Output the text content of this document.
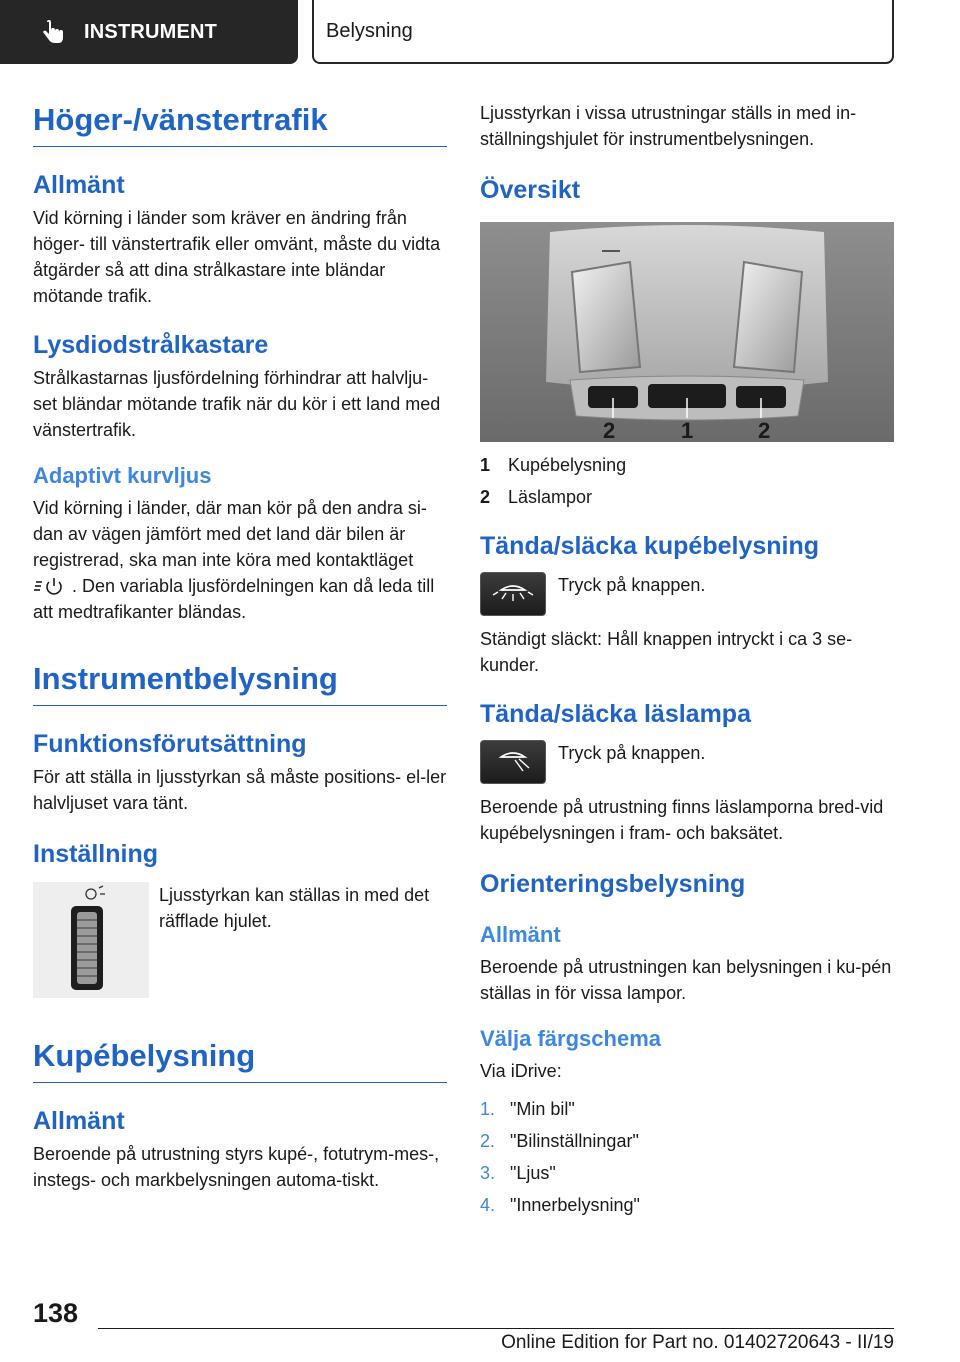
INSTRUMENT	Belysning
Höger-/vänstertrafik
Allmänt

Vid körning i länder som kräver en ändring från höger- till vänstertrafik eller omvänt, måste du vidta åtgärder så att dina strålkastare inte bländar mötande trafik.

Lysdiodstrålkastare

Strålkastarnas ljusfördelning förhindrar att halvlju-set bländar mötande trafik när du kör i ett land med vänstertrafik.

Adaptivt kurvljus

Vid körning i länder, där man kör på den andra si-dan av vägen jämfört med det land där bilen är registrerad, ska man inte köra med kontaktläget  . Den variabla ljusfördelningen kan då leda till att medtrafikanter bländas.

Instrumentbelysning
Funktionsförutsättning

För att ställa in ljusstyrkan så måste positions- el-ler halvljuset vara tänt.

Inställning

Ljusstyrkan kan ställas in med det räfflade hjulet.

Kupébelysning
Allmänt

Beroende på utrustning styrs kupé-, fotutrym-mes-, instegs- och markbelysningen automa-tiskt.

Ljusstyrkan i vissa utrustningar ställs in med in-ställningshjulet för instrumentbelysningen.

Översikt
2	1	2
1 Kupébelysning
2 Läslampor
Tända/släcka kupébelysning

Tryck på knappen.

Ständigt släckt: Håll knappen intryckt i ca 3 se-kunder.

Tända/släcka läslampa

Tryck på knappen.

Beroende på utrustning finns läslamporna bred-vid kupébelysningen i fram- och baksätet.

Orienteringsbelysning
Allmänt

Beroende på utrustningen kan belysningen i ku-pén ställas in för vissa lampor.

Välja färgschema

Via iDrive:

1. "Min bil"
2. "Bilinställningar"
3. "Ljus"
4. "Innerbelysning"
138
Online Edition for Part no. 01402720643 - II/19
